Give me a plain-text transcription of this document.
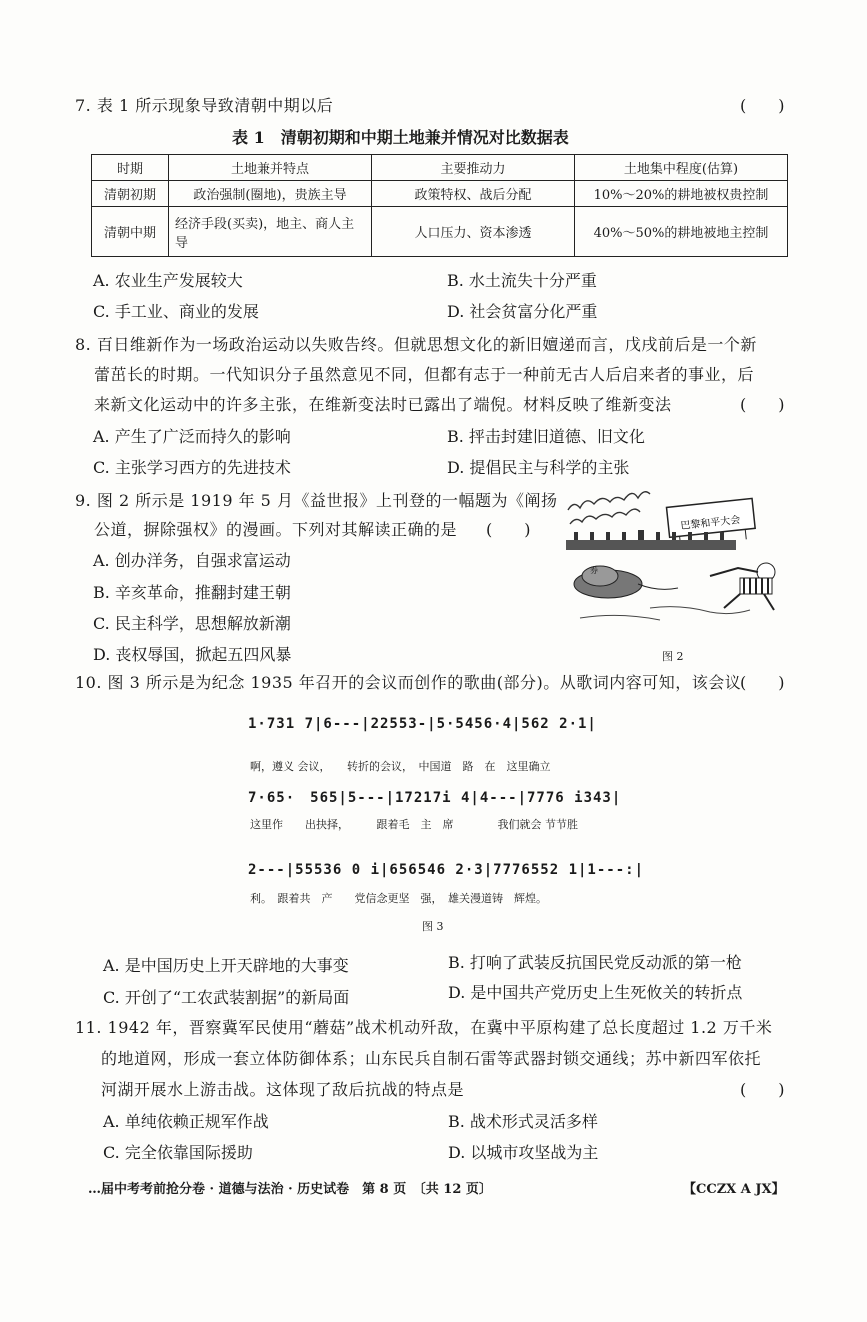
7. 表 1 所示现象导致清朝中期以后	(　　)
表 1　清朝初期和中期土地兼并情况对比数据表
时期	土地兼并特点	主要推动力	土地集中程度(估算)
清朝初期	政治强制(圈地)，贵族主导	政策特权、战后分配	10%～20%的耕地被权贵控制
清朝中期	经济手段(买卖)，地主、商人主导	人口压力、资本渗透	40%～50%的耕地被地主控制
A. 农业生产发展较大	B. 水土流失十分严重
C. 手工业、商业的发展	D. 社会贫富分化严重
8. 百日维新作为一场政治运动以失败告终。但就思想文化的新旧嬗递而言，戊戌前后是一个新
蕾茁长的时期。一代知识分子虽然意见不同，但都有志于一种前无古人后启来者的事业，后
来新文化运动中的许多主张，在维新变法时已露出了端倪。材料反映了维新变法	(　　)
A. 产生了广泛而持久的影响	B. 抨击封建旧道德、旧文化
C. 主张学习西方的先进技术	D. 提倡民主与科学的主张
9. 图 2 所示是 1919 年 5 月《益世报》上刊登的一幅题为《阐扬
公道，摒除强权》的漫画。下列对其解读正确的是 (　　)
A. 创办洋务，自强求富运动
B. 辛亥革命，推翻封建王朝
C. 民主科学，思想解放新潮
D. 丧权辱国，掀起五四风暴
巴黎和平大会
券
图 2
10. 图 3 所示是为纪念 1935 年召开的会议而创作的歌曲(部分)。从歌词内容可知，该会议
(　　)
1·731 7|6---|22553-|5·5456·4|562 2·1|
啊，遵义 会议，　　转折的会议，　中国道　路　在　这里确立
7·65·　565|5---|17217i 4|4---|7776 i343|
这里作　　出抉择，　　　跟着毛　主　席　　　　我们就会 节节胜
2---|55536 0 i|656546 2·3|7776552 1|1---:|
利。　跟着共　产　　党信念更坚　强，　雄关漫道铸　辉煌。
图 3
A. 是中国历史上开天辟地的大事变	B. 打响了武装反抗国民党反动派的第一枪
C. 开创了“工农武装割据”的新局面	D. 是中国共产党历史上生死攸关的转折点
11. 1942 年，晋察冀军民使用“蘑菇”战术机动歼敌，在冀中平原构建了总长度超过 1.2 万千米
的地道网，形成一套立体防御体系；山东民兵自制石雷等武器封锁交通线；苏中新四军依托
河湖开展水上游击战。这体现了敌后抗战的特点是	(　　)
A. 单纯依赖正规军作战	B. 战术形式灵活多样
C. 完全依靠国际援助	D. 以城市攻坚战为主
…届中考考前抢分卷 · 道德与法治 · 历史试卷　第 8 页　〔共 12 页〕	【CCZX A JX】
